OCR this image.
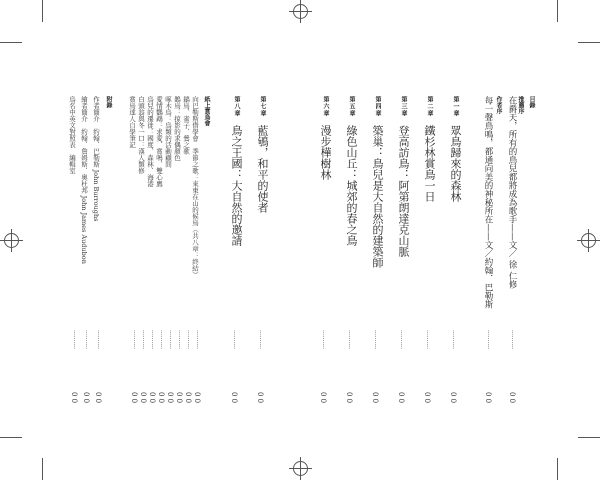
目錄
推薦序
在爵天，所有的鳥兒都將成為歌手——文／ 徐 仁修
作者序
每一聲鳥鳴，都通向美的神秘所在——文／約翰．巴勒斯
第一章眾鳥歸來的森林
第二章鐵杉林賞鳥一日
第三章登高訪鳥：阿第朗達克山脈
第四章築巢：鳥兒是大自然的建築師
第五章綠色山丘：城郊的春之鳥
第六章漫步樺樹林
第七章藍鴝，和平的使者
第八章鳥之王國：大自然的邀請
紙上賞鳥會
向巴勒斯借學會　季節之歌：來東在山的候鳥（共八章：終結）
鶲鳥、雀子、鶯之歌
鵲鳥：掠影的求偶顏色
啄木鳥：鳥類的活動顧問
愛情鸚鵡：求愛、賞鳴、雙心鷹
鳥兒的遷徙：國度、森林、海港
白頭翁與冬一口：漢人類修
賞鳥達人自學筆記
附錄
作者簡介　約翰．巴勒斯 John Burroughs
繪者簡介　約翰．詹姆斯．奧杜邦 John James Audubon
鳥名中英文對照表　編輯室
··········
0 0
··········
0 0
··········
0 0
··········
0 0
··········
0 0
··········
0 0
··········
0 0
··········
0 0
··········
0 0
··········
0 0
··········
0 0
··········
0 0
··········
0 0
··········
0 0
··········
0 0
··········
0 0
··········
0 0
··········
0 0
··········
0 0
··········
0 0
··········
0 0
